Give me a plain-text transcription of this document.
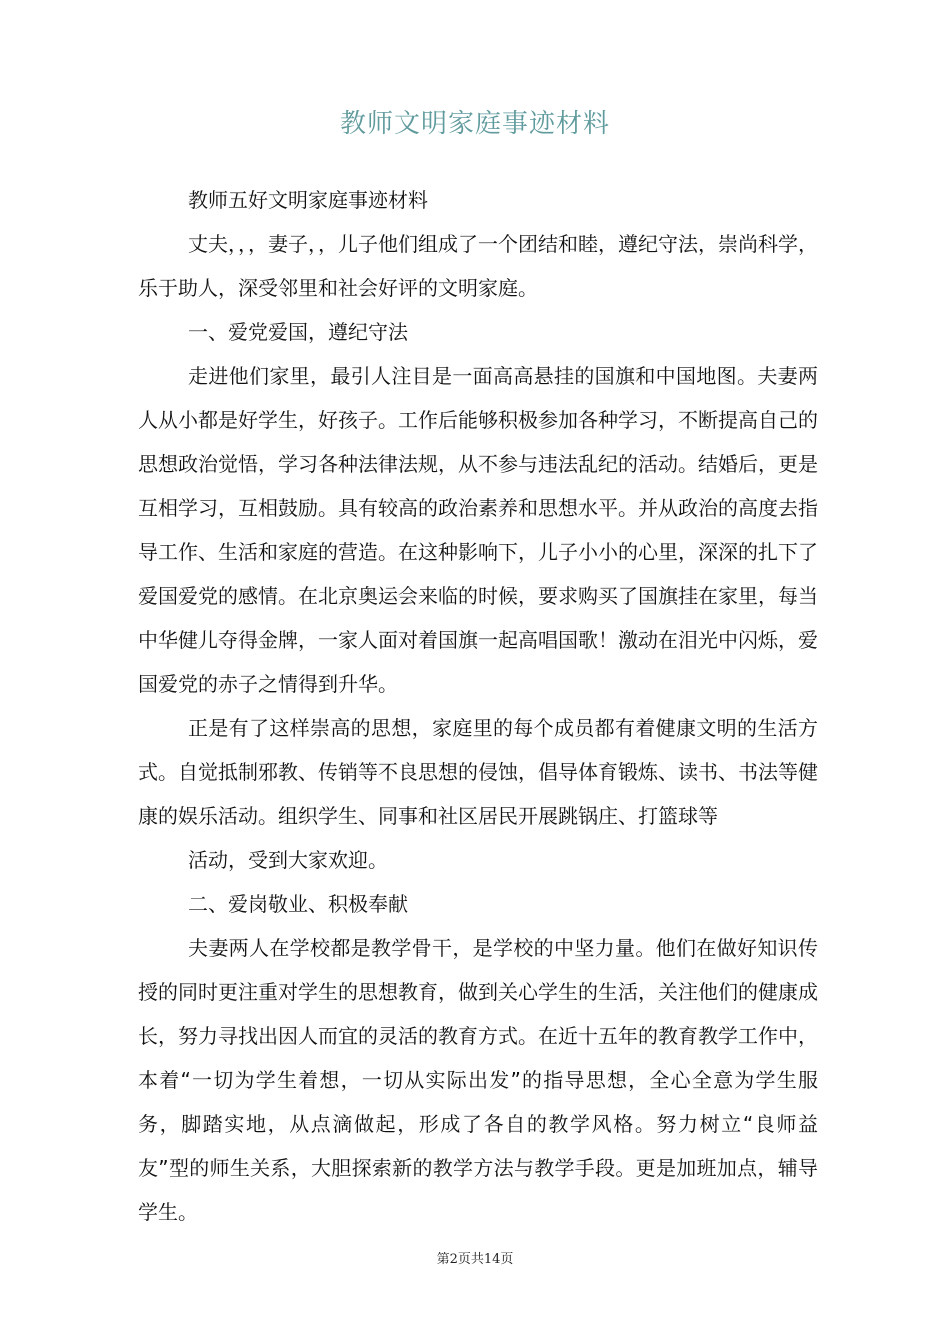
教师文明家庭事迹材料

教师五好文明家庭事迹材料

丈夫，，，妻子，，儿子他们组成了一个团结和睦，遵纪守法，崇尚科学，乐于助人，深受邻里和社会好评的文明家庭。

一、爱党爱国，遵纪守法

走进他们家里，最引人注目是一面高高悬挂的国旗和中国地图。夫妻两人从小都是好学生，好孩子。工作后能够积极参加各种学习，不断提高自己的思想政治觉悟，学习各种法律法规，从不参与违法乱纪的活动。结婚后，更是互相学习，互相鼓励。具有较高的政治素养和思想水平。并从政治的高度去指导工作、生活和家庭的营造。在这种影响下，儿子小小的心里，深深的扎下了爱国爱党的感情。在北京奥运会来临的时候，要求购买了国旗挂在家里，每当中华健儿夺得金牌，一家人面对着国旗一起高唱国歌！激动在泪光中闪烁，爱国爱党的赤子之情得到升华。

正是有了这样崇高的思想，家庭里的每个成员都有着健康文明的生活方式。自觉抵制邪教、传销等不良思想的侵蚀，倡导体育锻炼、读书、书法等健康的娱乐活动。组织学生、同事和社区居民开展跳锅庄、打篮球等

活动，受到大家欢迎。

二、爱岗敬业、积极奉献

夫妻两人在学校都是教学骨干，是学校的中坚力量。他们在做好知识传授的同时更注重对学生的思想教育，做到关心学生的生活，关注他们的健康成长，努力寻找出因人而宜的灵活的教育方式。在近十五年的教育教学工作中，本着“一切为学生着想，一切从实际出发”的指导思想，全心全意为学生服务，脚踏实地，从点滴做起，形成了各自的教学风格。努力树立“良师益友”型的师生关系，大胆探索新的教学方法与教学手段。更是加班加点，辅导学生。

第2页共14页
